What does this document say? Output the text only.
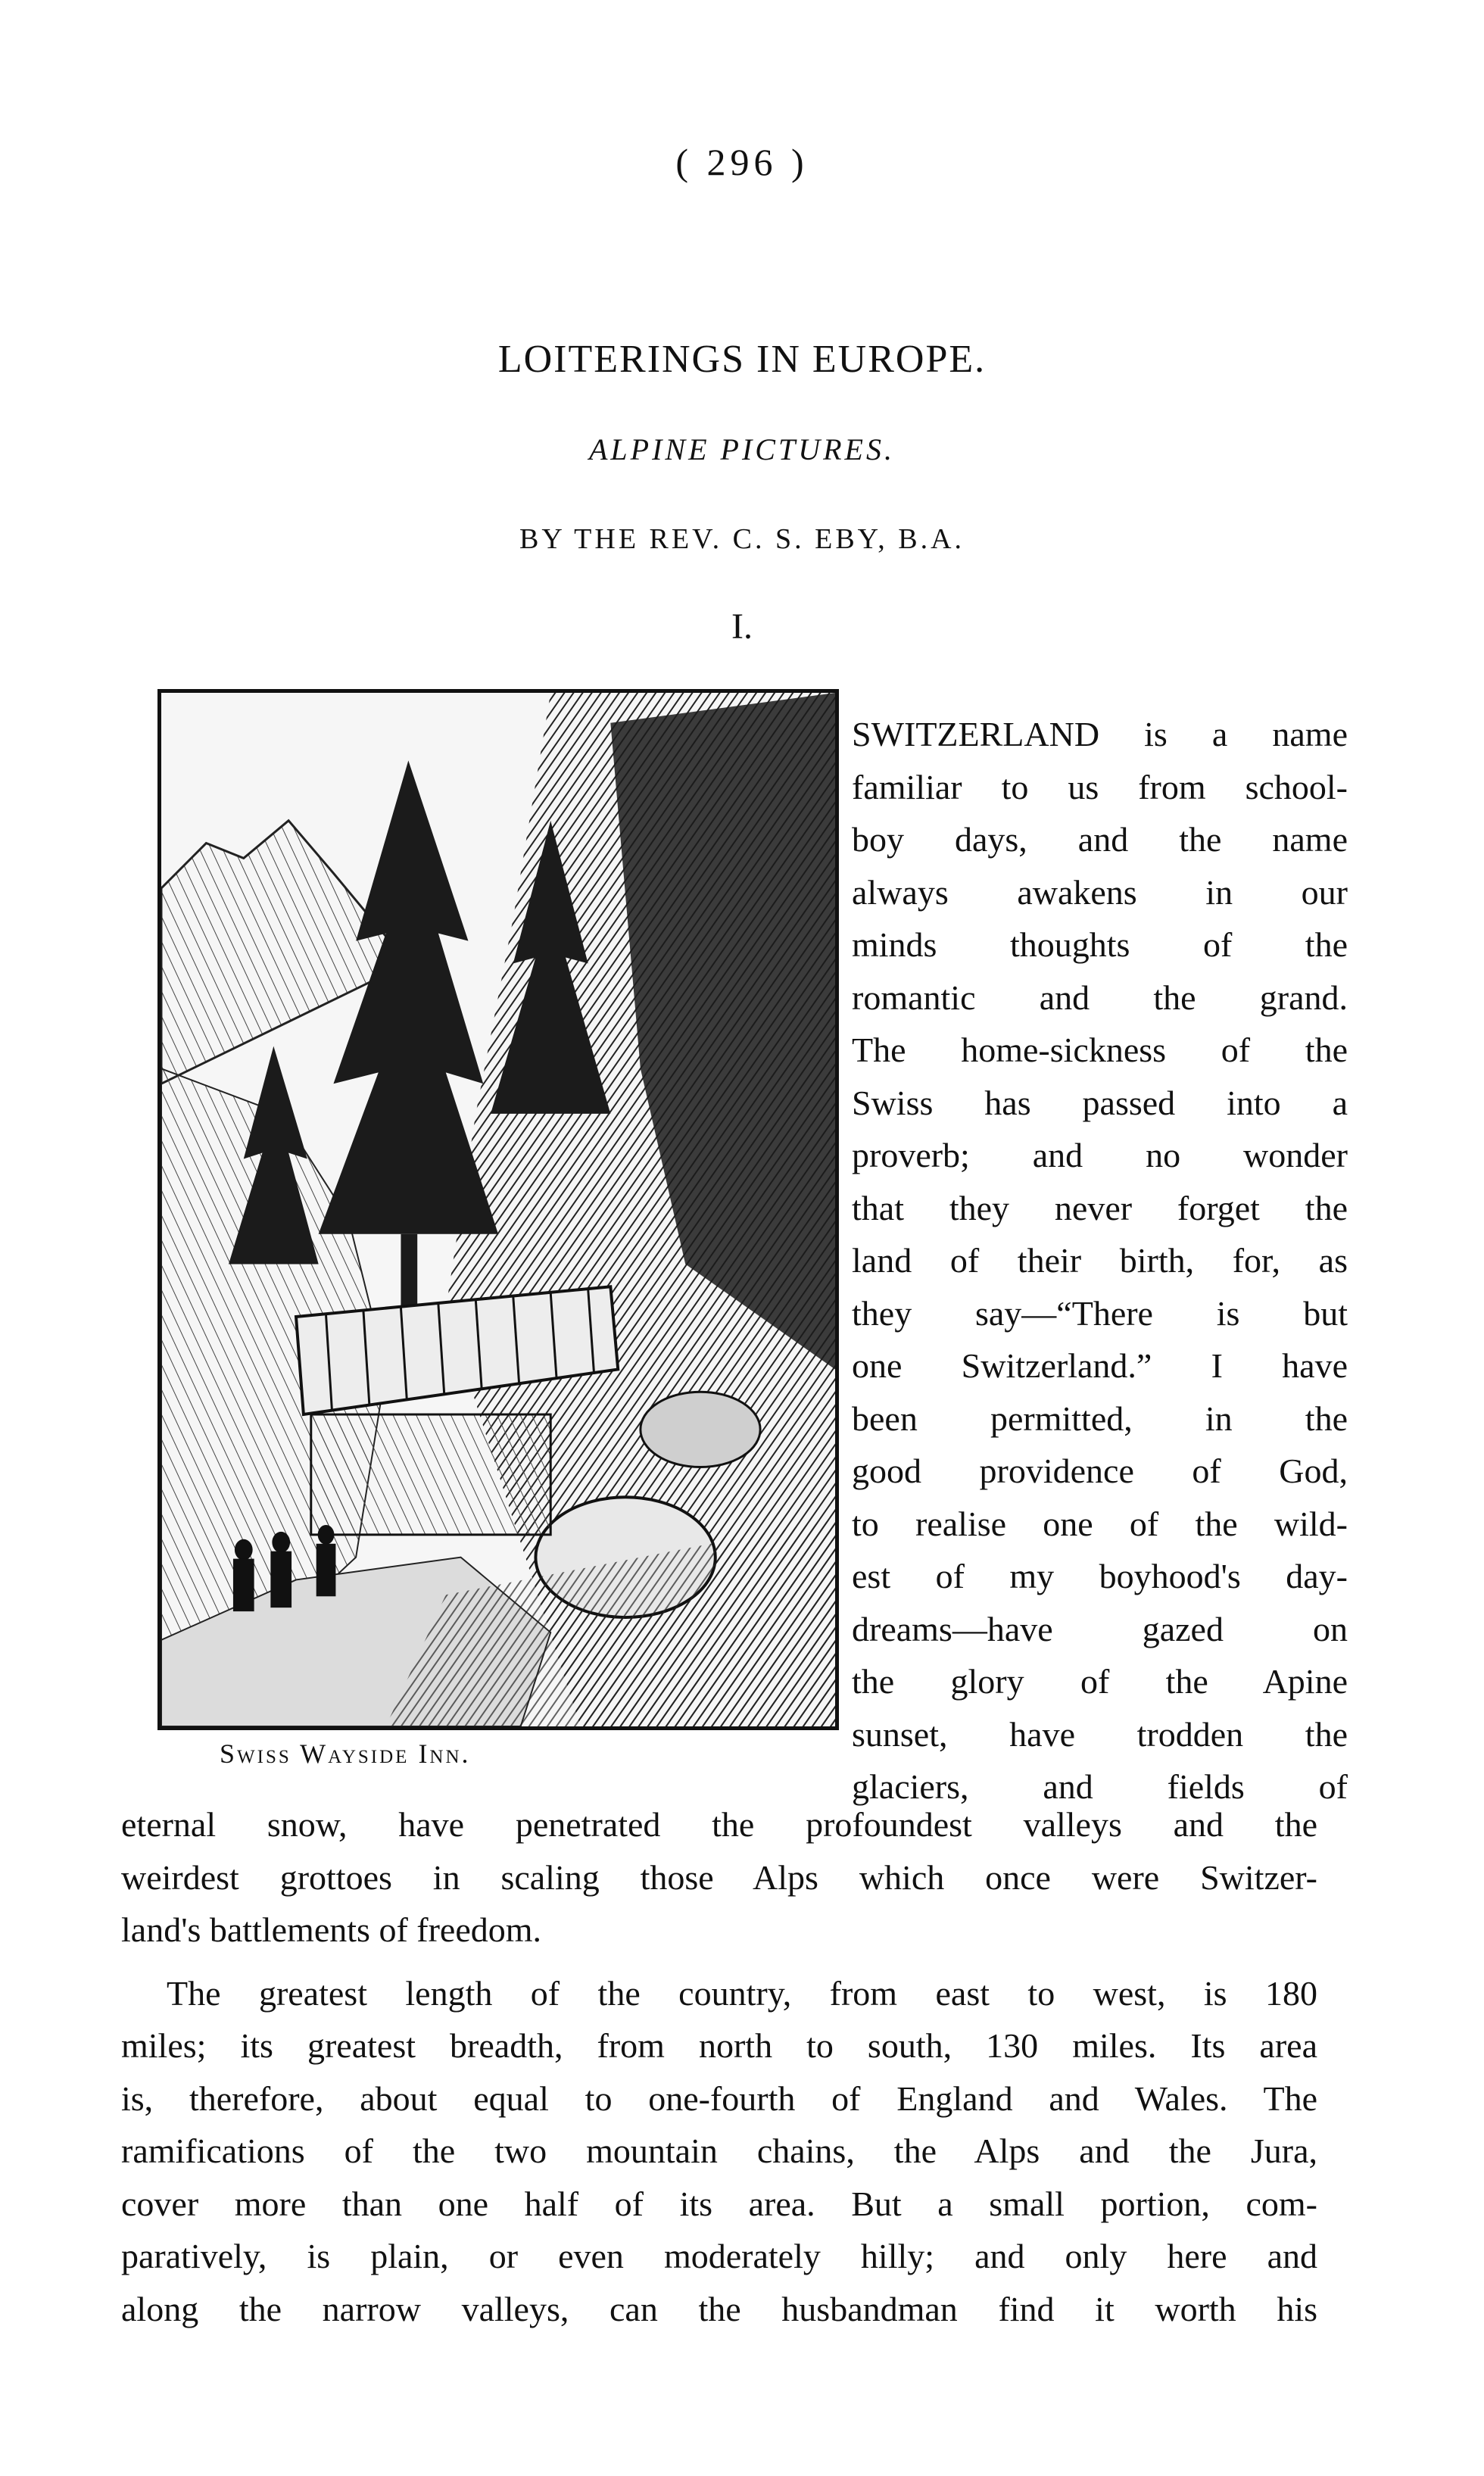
( 296 )
LOITERINGS IN EUROPE.
ALPINE PICTURES.
BY THE REV. C. S. EBY, B.A.
I.
Swiss Wayside Inn.
SWITZERLAND is a name
familiar to us from school-
boy days, and the name
always awakens in our
minds thoughts of the
romantic and the grand.
The home-sickness of the
Swiss has passed into a
proverb; and no wonder
that they never forget the
land of their birth, for, as
they say—“There is but
one Switzerland.” I have
been permitted, in the
good providence of God,
to realise one of the wild-
est of my boyhood's day-
dreams—have gazed on
the glory of the Apine
sunset, have trodden the
glaciers, and fields of
eternal snow, have penetrated the profoundest valleys and the
weirdest grottoes in scaling those Alps which once were Switzer-
land's battlements of freedom.
The greatest length of the country, from east to west, is 180
miles; its greatest breadth, from north to south, 130 miles. Its area
is, therefore, about equal to one-fourth of England and Wales. The
ramifications of the two mountain chains, the Alps and the Jura,
cover more than one half of its area. But a small portion, com-
paratively, is plain, or even moderately hilly; and only here and
along the narrow valleys, can the husbandman find it worth his
